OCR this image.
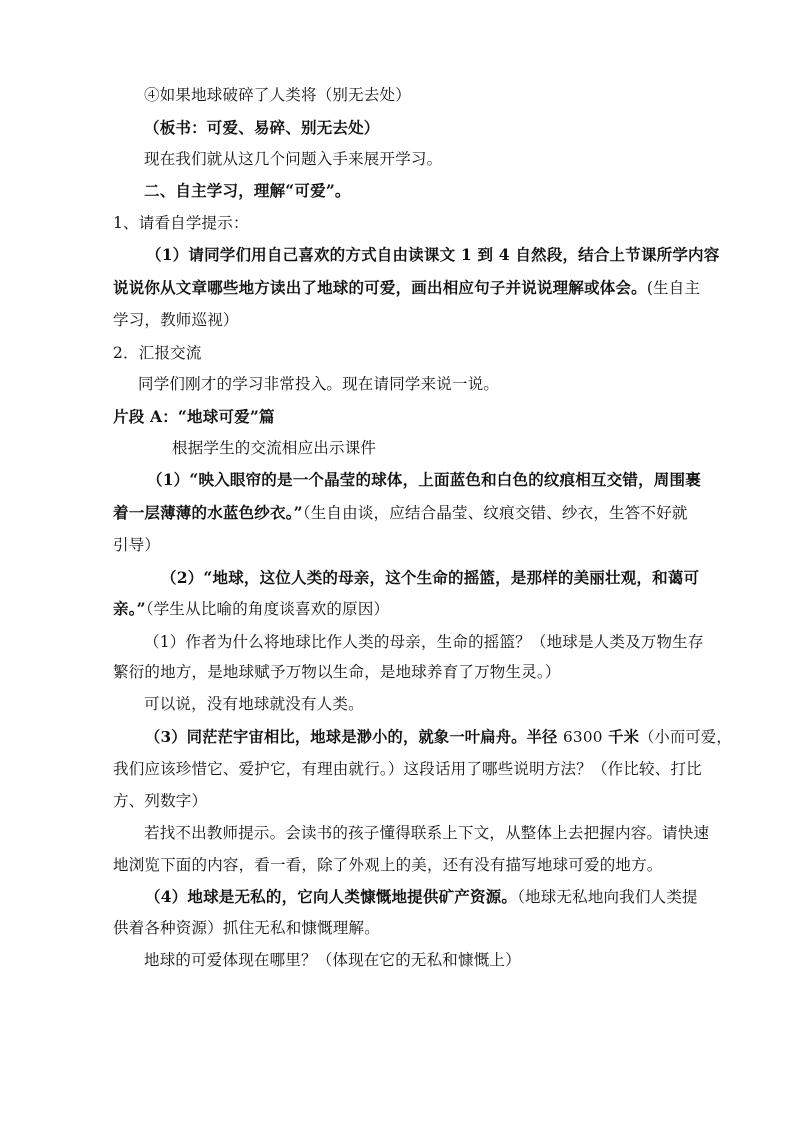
④如果地球破碎了人类将（别无去处）
（板书：可爱、易碎、别无去处）
现在我们就从这几个问题入手来展开学习。
二、自主学习，理解“可爱”。
1、请看自学提示：
（1）请同学们用自己喜欢的方式自由读课文 1 到 4 自然段，结合上节课所学内容
说说你从文章哪些地方读出了地球的可爱，画出相应句子并说说理解或体会。(生自主
学习，教师巡视）
2．汇报交流
同学们刚才的学习非常投入。现在请同学来说一说。
片段 A：“地球可爱”篇
根据学生的交流相应出示课件
（1）“映入眼帘的是一个晶莹的球体，上面蓝色和白色的纹痕相互交错，周围裹
着一层薄薄的水蓝色纱衣。”（生自由谈，应结合晶莹、纹痕交错、纱衣，生答不好就
引导）
（2）“地球，这位人类的母亲，这个生命的摇篮，是那样的美丽壮观，和蔼可
亲。”（学生从比喻的角度谈喜欢的原因）
（1）作者为什么将地球比作人类的母亲，生命的摇篮？（地球是人类及万物生存
繁衍的地方，是地球赋予万物以生命，是地球养育了万物生灵。）
可以说，没有地球就没有人类。
（3）同茫茫宇宙相比，地球是渺小的，就象一叶扁舟。半径 6300 千米（小而可爱，
我们应该珍惜它、爱护它，有理由就行。）这段话用了哪些说明方法？（作比较、打比
方、列数字）
若找不出教师提示。会读书的孩子懂得联系上下文，从整体上去把握内容。请快速
地浏览下面的内容，看一看，除了外观上的美，还有没有描写地球可爱的地方。
（4）地球是无私的，它向人类慷慨地提供矿产资源。（地球无私地向我们人类提
供着各种资源）抓住无私和慷慨理解。
地球的可爱体现在哪里？（体现在它的无私和慷慨上）
